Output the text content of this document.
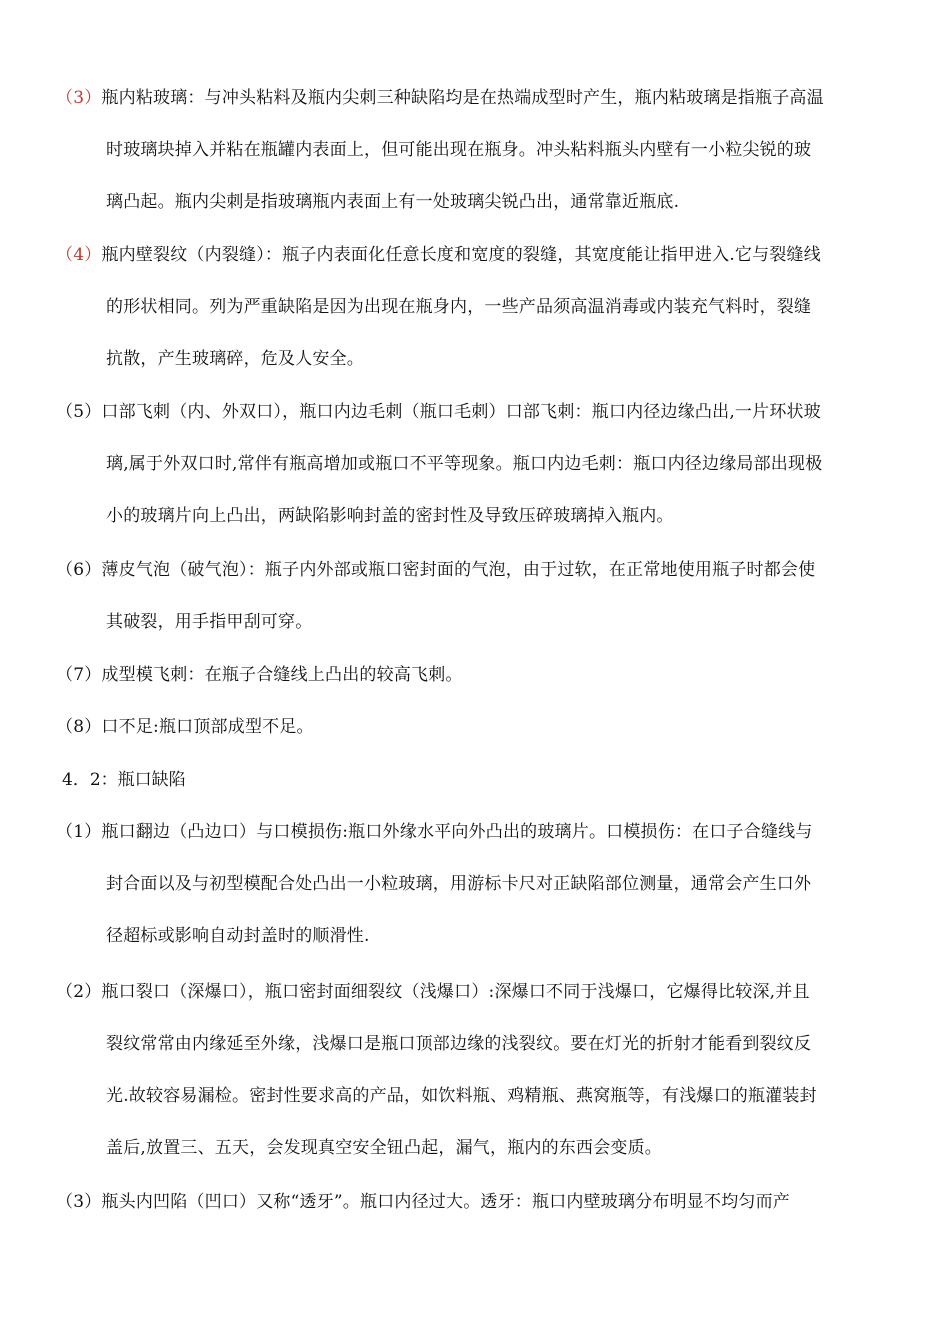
（3）瓶内粘玻璃：与冲头粘料及瓶内尖刺三种缺陷均是在热端成型时产生，瓶内粘玻璃是指瓶子高温
时玻璃块掉入并粘在瓶罐内表面上，但可能出现在瓶身。冲头粘料瓶头内壁有一小粒尖锐的玻
璃凸起。瓶内尖刺是指玻璃瓶内表面上有一处玻璃尖锐凸出，通常靠近瓶底.
（4）瓶内壁裂纹（内裂缝）：瓶子内表面化任意长度和宽度的裂缝，其宽度能让指甲进入.它与裂缝线
的形状相同。列为严重缺陷是因为出现在瓶身内，一些产品须高温消毒或内装充气料时，裂缝
抗散，产生玻璃碎，危及人安全。
（5）口部飞刺（内、外双口），瓶口内边毛刺（瓶口毛刺）口部飞刺：瓶口内径边缘凸出,一片环状玻
璃,属于外双口时,常伴有瓶高增加或瓶口不平等现象。瓶口内边毛刺：瓶口内径边缘局部出现极
小的玻璃片向上凸出，两缺陷影响封盖的密封性及导致压碎玻璃掉入瓶内。
（6）薄皮气泡（破气泡）：瓶子内外部或瓶口密封面的气泡，由于过软，在正常地使用瓶子时都会使
其破裂，用手指甲刮可穿。
（7）成型模飞刺：在瓶子合缝线上凸出的较高飞刺。
（8）口不足:瓶口顶部成型不足。
4．2：瓶口缺陷
（1）瓶口翻边（凸边口）与口模损伤:瓶口外缘水平向外凸出的玻璃片。口模损伤：在口子合缝线与
封合面以及与初型模配合处凸出一小粒玻璃，用游标卡尺对正缺陷部位测量，通常会产生口外
径超标或影响自动封盖时的顺滑性.
（2）瓶口裂口（深爆口），瓶口密封面细裂纹（浅爆口）:深爆口不同于浅爆口，它爆得比较深,并且
裂纹常常由内缘延至外缘，浅爆口是瓶口顶部边缘的浅裂纹。要在灯光的折射才能看到裂纹反
光.故较容易漏检。密封性要求高的产品，如饮料瓶、鸡精瓶、燕窝瓶等，有浅爆口的瓶灌装封
盖后,放置三、五天，会发现真空安全钮凸起，漏气，瓶内的东西会变质。
（3）瓶头内凹陷（凹口）又称“透牙”。瓶口内径过大。透牙：瓶口内壁玻璃分布明显不均匀而产
